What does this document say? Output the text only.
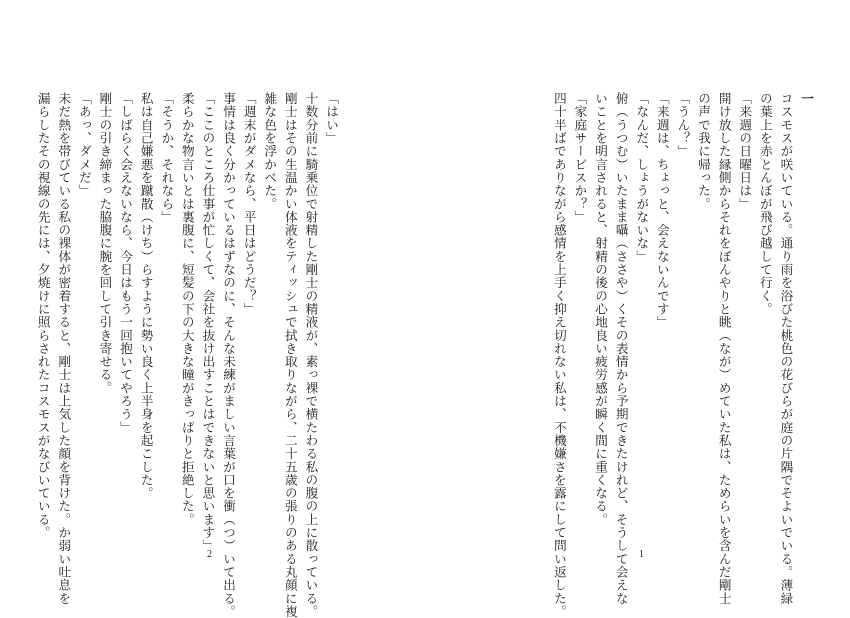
一
コスモスが咲いている。通り雨を浴びた桃色の花びらが庭の片隅でそよいでいる。薄緑
の葉上を赤とんぼが飛び越して行く。
「来週の日曜日は」
開け放した縁側からそれをぼんやりと眺（なが）めていた私は、ためらいを含んだ剛士
の声で我に帰った。
「うん？」
「来週は、ちょっと、会えないんです」
「なんだ、しょうがないな」
俯（うつむ）いたまま囁（ささや）くその表情から予期できたけれど、そうして会えな
いことを明言されると、射精の後の心地良い疲労感が瞬く間に重くなる。
「家庭サービスか？」
四十半ばでありながら感情を上手く抑え切れない私は、不機嫌さを露にして問い返した。	1
「はい」
十数分前に騎乗位で射精した剛士の精液が、素っ裸で横たわる私の腹の上に散っている。
剛士はその生温かい体液をティッシュで拭き取りながら、二十五歳の張りのある丸顔に複
雑な色を浮かべた。
「週末がダメなら、平日はどうだ？」
事情は良く分かっているはずなのに、そんな未練がましい言葉が口を衝（つ）いて出る。
「ここのところ仕事が忙しくて、会社を抜け出すことはできないと思います」
柔らかな物言いとは裏腹に、短髪の下の大きな瞳がきっぱりと拒絶した。
「そうか、それなら」
私は自己嫌悪を蹴散（けち）らすように勢い良く上半身を起こした。
「しばらく会えないなら、今日はもう一回抱いてやろう」
剛士の引き締まった脇腹に腕を回して引き寄せる。
「あっ、ダメだ」
未だ熱を帯びている私の裸体が密着すると、剛士は上気した顔を背けた。か弱い吐息を
漏らしたその視線の先には、夕焼けに照らされたコスモスがなびいている。
2
